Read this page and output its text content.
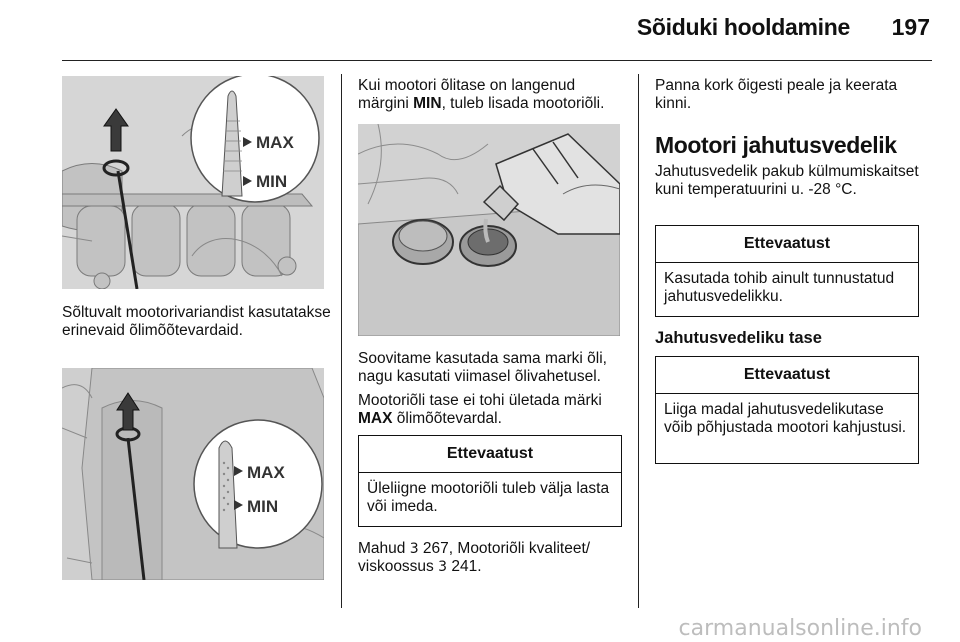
Sõiduki hooldamine	197
MAX
MIN

Sõltuvalt mootorivariandist kasutatakse erinevaid õlimõõtevardaid.

MAX
MIN

Kui mootori õlitase on langenud märgini MIN, tuleb lisada mootoriõli.

Soovitame kasutada sama marki õli, nagu kasutati viimasel õlivahetusel.

Mootoriõli tase ei tohi ületada märki MAX õlimõõtevardal.

Ettevaatust
Üleliigne mootoriõli tuleb välja lasta või imeda.

Mahud 3 267, Mootoriõli kvaliteet/ viskoossus 3 241.

Panna kork õigesti peale ja keerata kinni.

Mootori jahutusvedelik

Jahutusvedelik pakub külmumiskaitset kuni temperatuurini u. -28 °C.

Ettevaatust
Kasutada tohib ainult tunnustatud jahutusvedelikku.
Jahutusvedeliku tase
Ettevaatust
Liiga madal jahutusvedelikutase võib põhjustada mootori kahjustusi.
carmanualsonline.info
